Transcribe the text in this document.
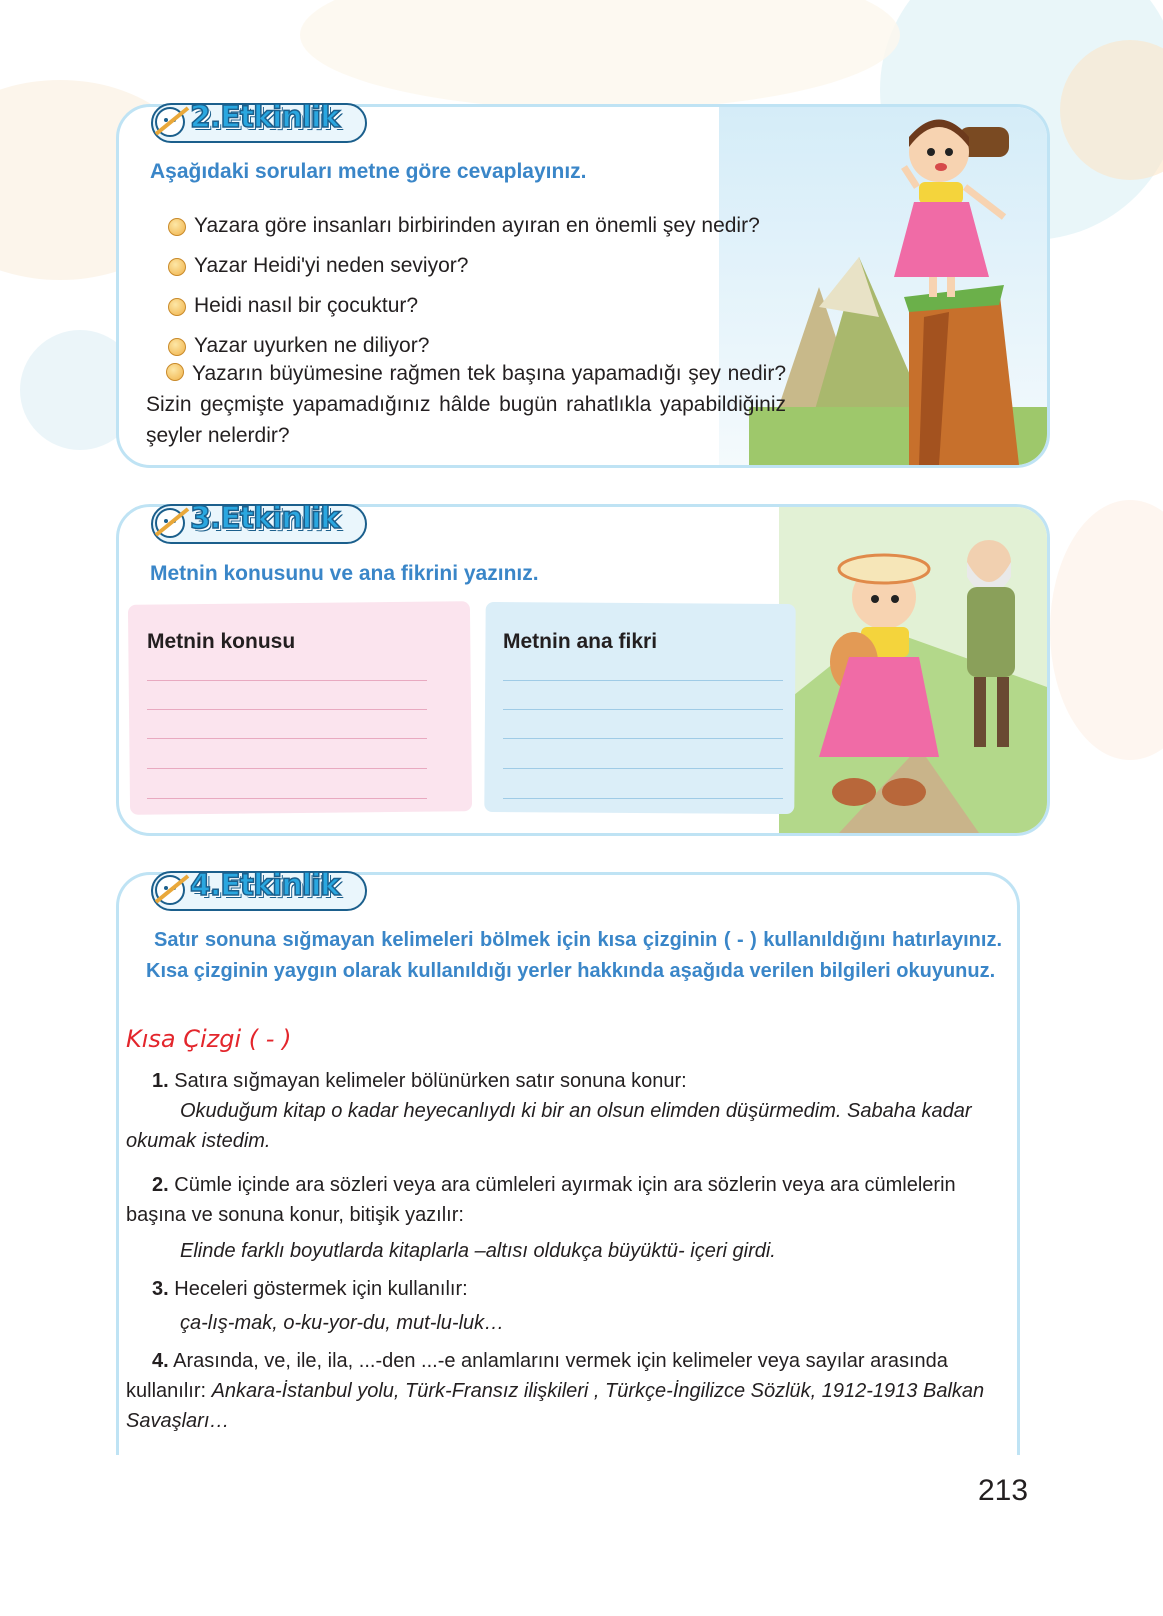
2.Etkinlik
Aşağıdaki soruları metne göre cevaplayınız.
Yazara göre insanları birbirinden ayıran en önemli şey nedir?
Yazar Heidi'yi neden seviyor?
Heidi nasıl bir çocuktur?
Yazar uyurken ne diliyor?
Yazarın büyümesine rağmen tek başına yapamadığı şey nedir? Sizin geçmişte yapamadığınız hâlde bugün rahatlıkla yapabildiğiniz şeyler nelerdir?
3.Etkinlik
Metnin konusunu ve ana fikrini yazınız.
Metnin konusu	Metnin ana fikri
4.Etkinlik
Satır sonuna sığmayan kelimeleri bölmek için kısa çizginin ( - ) kullanıldığını hatırlayınız. Kısa çizginin yaygın olarak kullanıldığı yerler hakkında aşağıda verilen bilgileri okuyunuz.
Kısa Çizgi ( - )
1. Satıra sığmayan kelimeler bölünürken satır sonuna konur:
Okuduğum kitap o kadar heyecanlıydı ki bir an olsun elimden düşürmedim. Sabaha kadar okumak istedim.
2. Cümle içinde ara sözleri veya ara cümleleri ayırmak için ara sözlerin veya ara cümlelerin başına ve sonuna konur, bitişik yazılır:
Elinde farklı boyutlarda kitaplarla –altısı oldukça büyüktü- içeri girdi.
3. Heceleri göstermek için kullanılır:
ça-lış-mak, o-ku-yor-du, mut-lu-luk…
4. Arasında, ve, ile, ila, ...-den ...-e anlamlarını vermek için kelimeler veya sayılar arasında kullanılır: Ankara-İstanbul yolu, Türk-Fransız ilişkileri , Türkçe-İngilizce Sözlük, 1912-1913 Balkan Savaşları…
213
